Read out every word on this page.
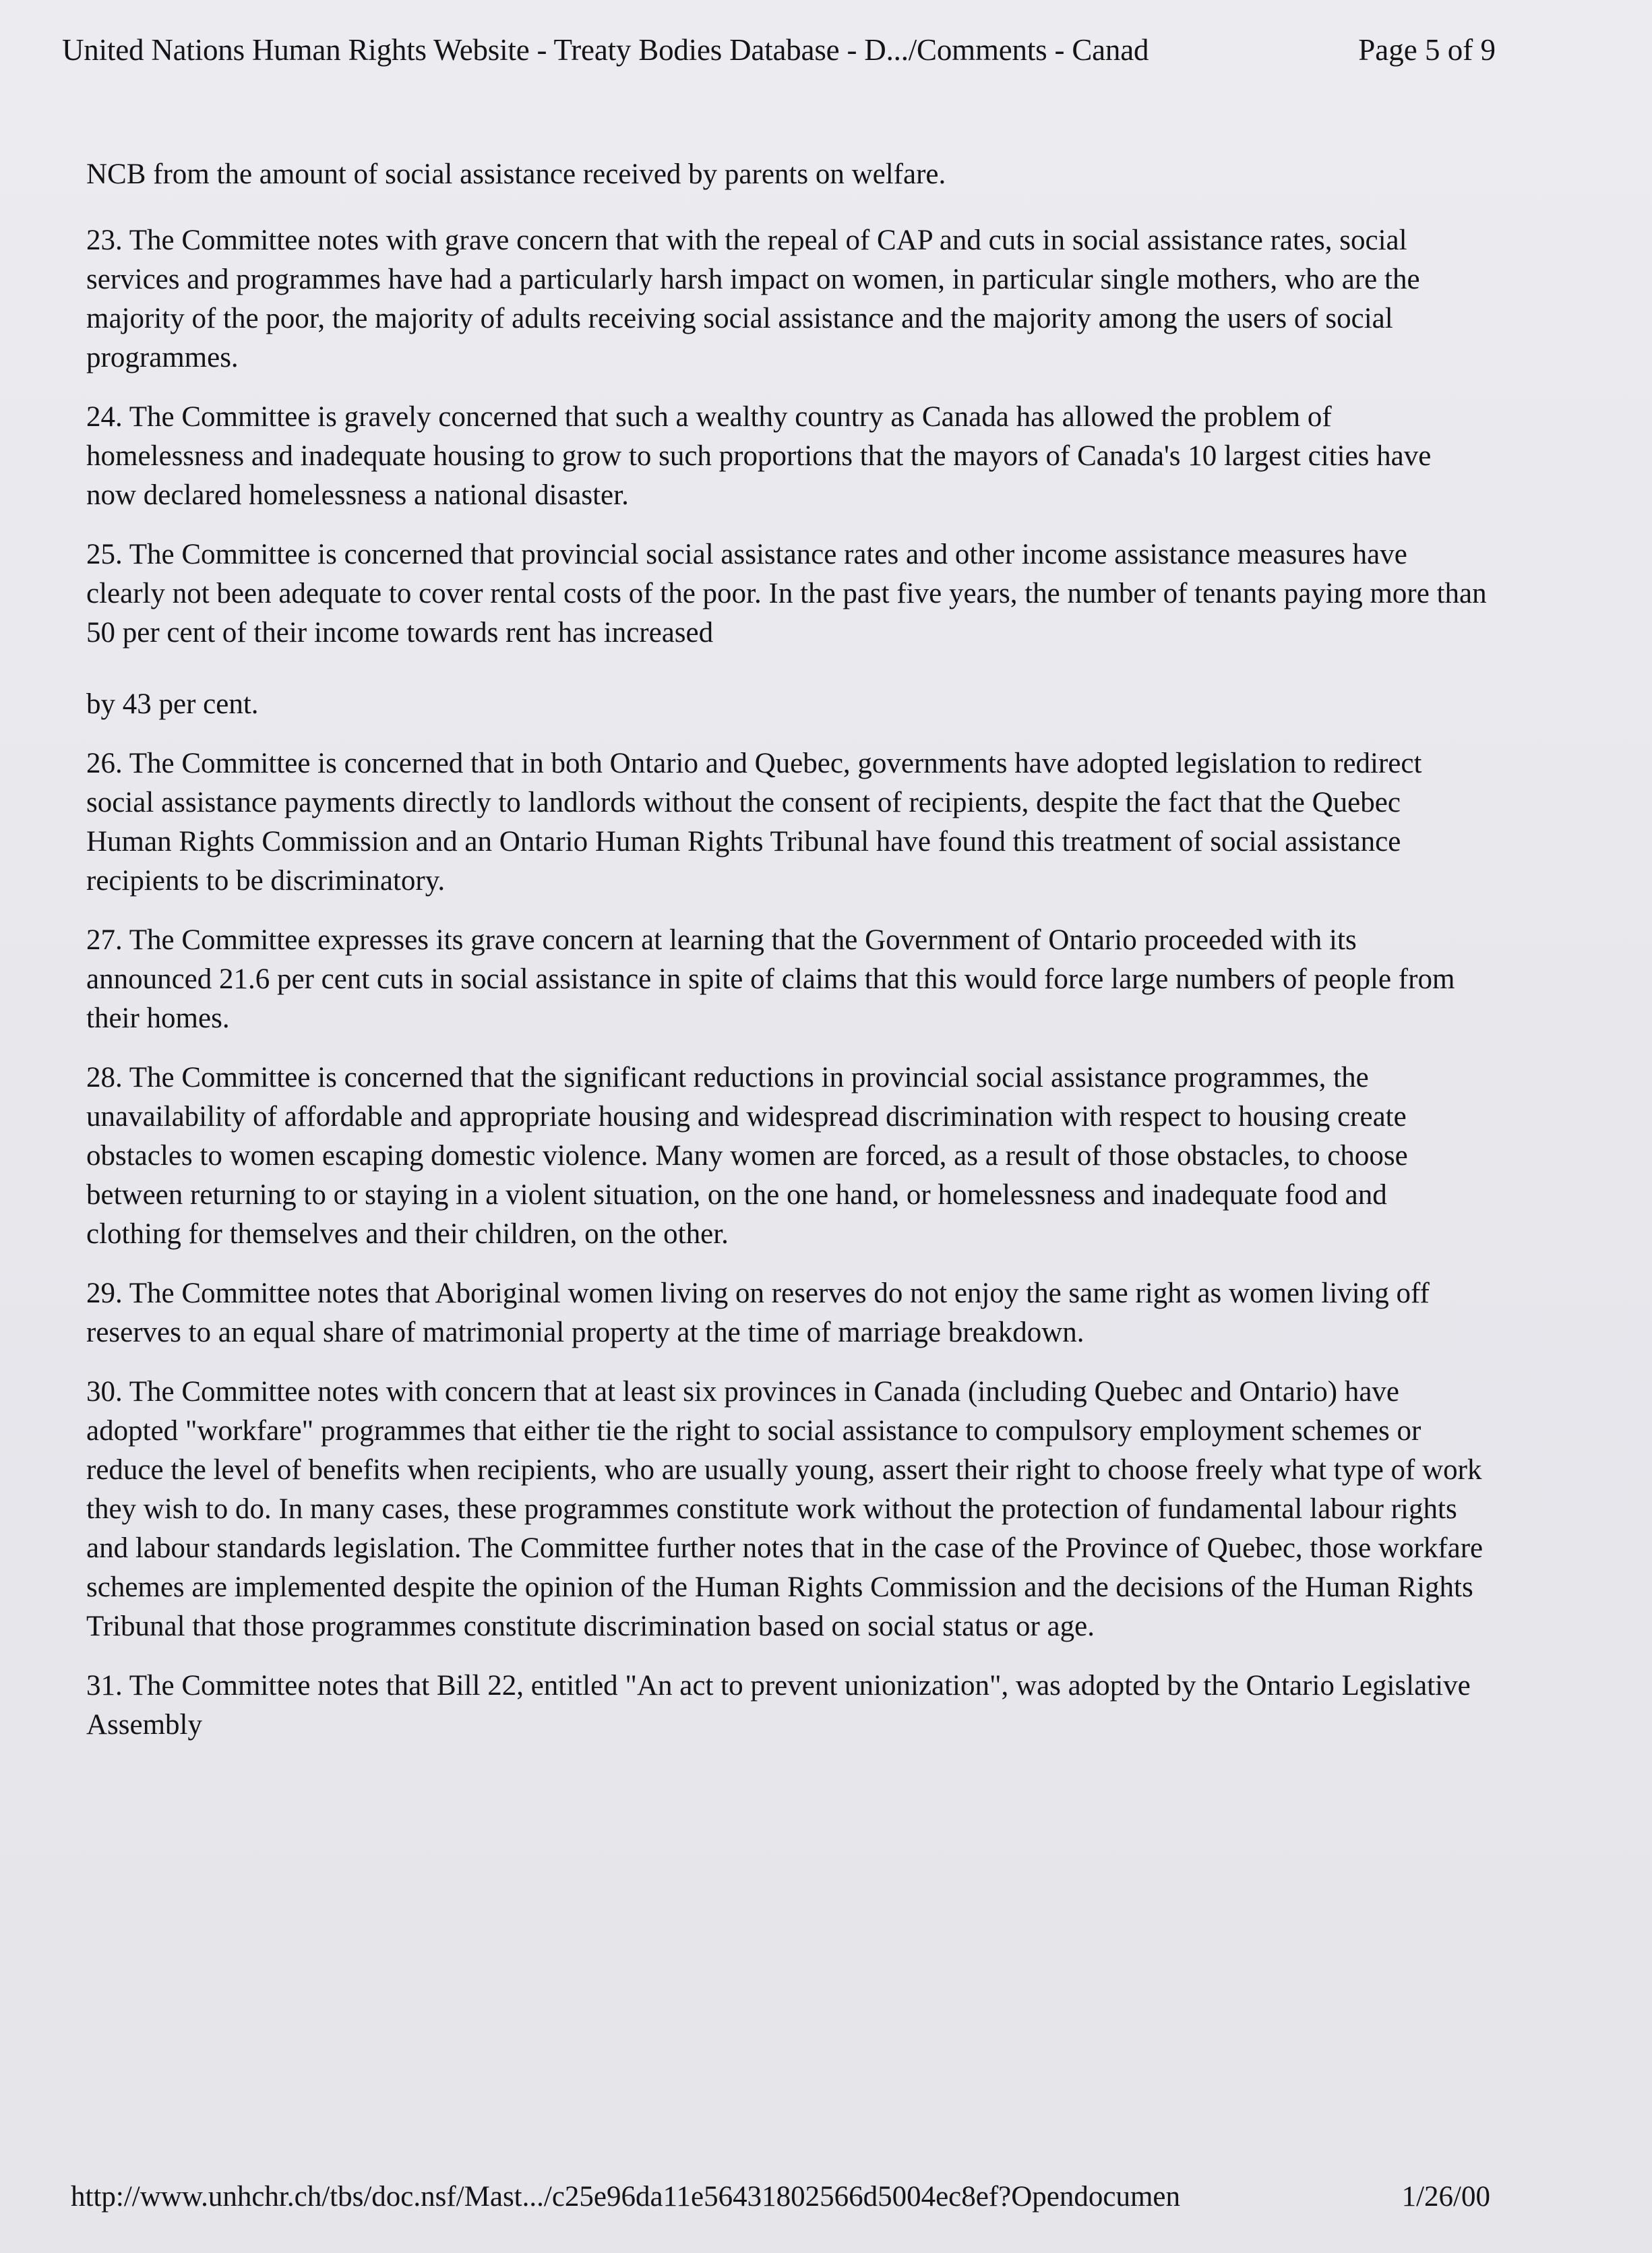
United Nations Human Rights Website - Treaty Bodies Database - D.../Comments - Canad	Page 5 of 9

NCB from the amount of social assistance received by parents on welfare.

23. The Committee notes with grave concern that with the repeal of CAP and cuts in social assistance rates, social services and programmes have had a particularly harsh impact on women, in particular single mothers, who are the majority of the poor, the majority of adults receiving social assistance and the majority among the users of social programmes.

24. The Committee is gravely concerned that such a wealthy country as Canada has allowed the problem of homelessness and inadequate housing to grow to such proportions that the mayors of Canada's 10 largest cities have now declared homelessness a national disaster.

25. The Committee is concerned that provincial social assistance rates and other income assistance measures have clearly not been adequate to cover rental costs of the poor. In the past five years, the number of tenants paying more than 50 per cent of their income towards rent has increased
by 43 per cent.

26. The Committee is concerned that in both Ontario and Quebec, governments have adopted legislation to redirect social assistance payments directly to landlords without the consent of recipients, despite the fact that the Quebec Human Rights Commission and an Ontario Human Rights Tribunal have found this treatment of social assistance recipients to be discriminatory.

27. The Committee expresses its grave concern at learning that the Government of Ontario proceeded with its announced 21.6 per cent cuts in social assistance in spite of claims that this would force large numbers of people from their homes.

28. The Committee is concerned that the significant reductions in provincial social assistance programmes, the unavailability of affordable and appropriate housing and widespread discrimination with respect to housing create obstacles to women escaping domestic violence. Many women are forced, as a result of those obstacles, to choose between returning to or staying in a violent situation, on the one hand, or homelessness and inadequate food and clothing for themselves and their children, on the other.

29. The Committee notes that Aboriginal women living on reserves do not enjoy the same right as women living off reserves to an equal share of matrimonial property at the time of marriage breakdown.

30. The Committee notes with concern that at least six provinces in Canada (including Quebec and Ontario) have adopted "workfare" programmes that either tie the right to social assistance to compulsory employment schemes or reduce the level of benefits when recipients, who are usually young, assert their right to choose freely what type of work they wish to do. In many cases, these programmes constitute work without the protection of fundamental labour rights and labour standards legislation. The Committee further notes that in the case of the Province of Quebec, those workfare schemes are implemented despite the opinion of the Human Rights Commission and the decisions of the Human Rights Tribunal that those programmes constitute discrimination based on social status or age.

31. The Committee notes that Bill 22, entitled "An act to prevent unionization", was adopted by the Ontario Legislative Assembly

http://www.unhchr.ch/tbs/doc.nsf/Mast.../c25e96da11e56431802566d5004ec8ef?Opendocumen	1/26/00
